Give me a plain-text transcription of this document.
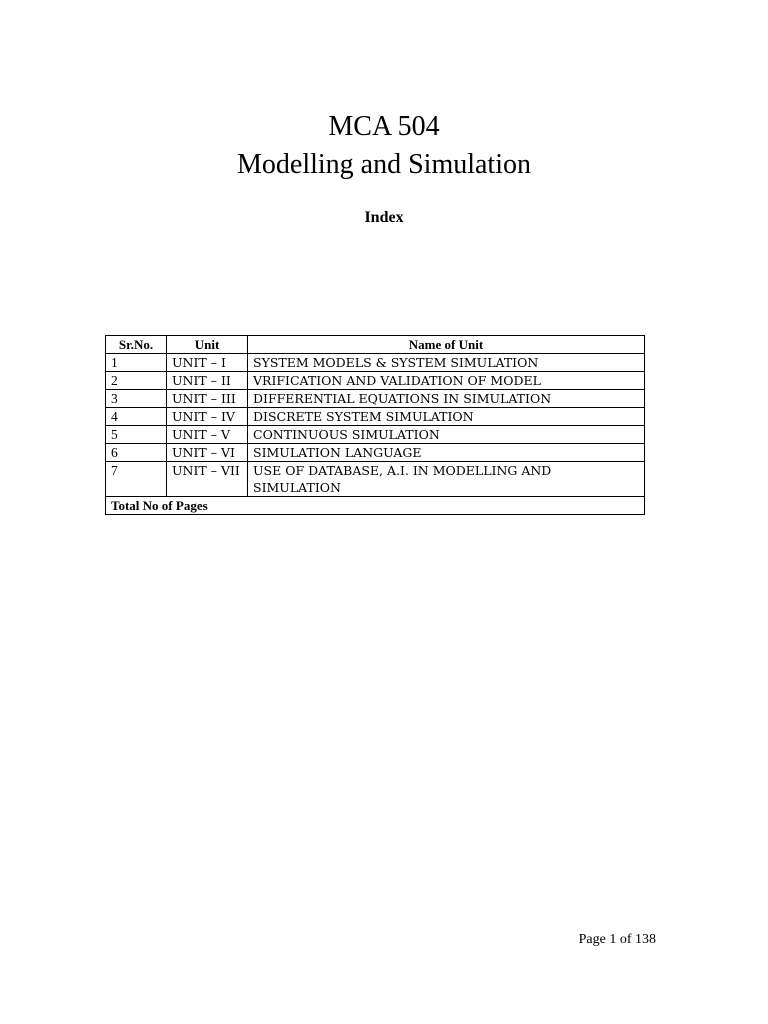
MCA 504

Modelling and Simulation

Index

Sr.No.	Unit	Name of Unit
1	UNIT – I	SYSTEM MODELS & SYSTEM SIMULATION
2	UNIT – II	VRIFICATION AND VALIDATION OF MODEL
3	UNIT – III	DIFFERENTIAL EQUATIONS IN SIMULATION
4	UNIT – IV	DISCRETE SYSTEM SIMULATION
5	UNIT – V	CONTINUOUS SIMULATION
6	UNIT – VI	SIMULATION LANGUAGE
7	UNIT – VII	USE OF DATABASE, A.I. IN MODELLING AND SIMULATION
Total No of Pages		
Page 1 of 138
